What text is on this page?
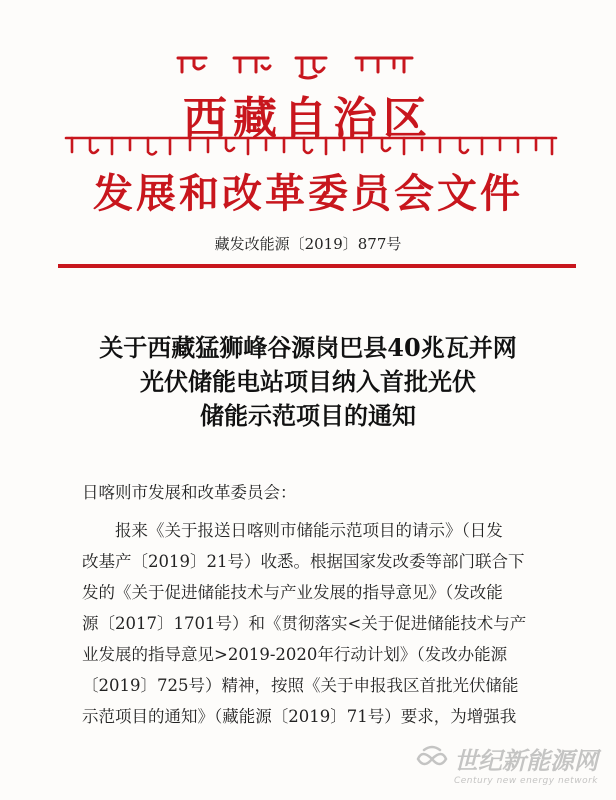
西藏自治区
发展和改革委员会文件
藏发改能源〔2019〕877号
关于西藏猛狮峰谷源岗巴县40兆瓦并网
光伏储能电站项目纳入首批光伏
储能示范项目的通知
日喀则市发展和改革委员会：
　　报来《关于报送日喀则市储能示范项目的请示》（日发
改基产〔2019〕21号）收悉。根据国家发改委等部门联合下
发的《关于促进储能技术与产业发展的指导意见》（发改能
源〔2017〕1701号）和《贯彻落实<关于促进储能技术与产
业发展的指导意见>2019-2020年行动计划》（发改办能源
〔2019〕725号）精神，按照《关于申报我区首批光伏储能
示范项目的通知》（藏能源〔2019〕71号）要求，为增强我
世纪新能源网
Century new energy network
